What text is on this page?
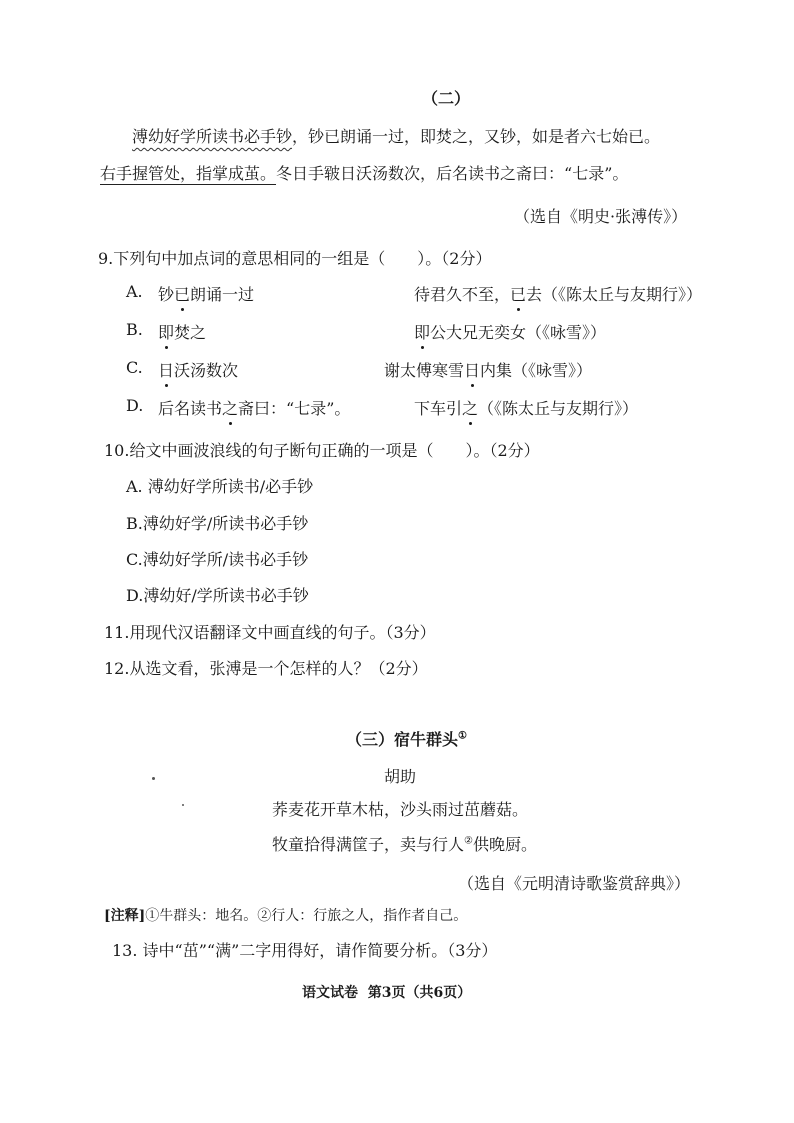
（二）
溥幼好学所读书必手钞，钞已朗诵一过，即焚之，又钞，如是者六七始已。
右手握管处，指掌成茧。冬日手皲日沃汤数次，后名读书之斋曰：“七录”。
（选自《明史·张溥传》）
9.下列句中加点词的意思相同的一组是（　　）。（2分）
A. 钞已朗诵一过	待君久不至，已去（《陈太丘与友期行》）
B. 即焚之	即公大兄无奕女（《咏雪》）
C. 日沃汤数次	谢太傅寒雪日内集（《咏雪》）
D. 后名读书之斋曰：“七录”。	下车引之（《陈太丘与友期行》）
10.给文中画波浪线的句子断句正确的一项是（　　）。（2分）
A. 溥幼好学所读书/必手钞
B.溥幼好学/所读书必手钞
C.溥幼好学所/读书必手钞
D.溥幼好/学所读书必手钞
11.用现代汉语翻译文中画直线的句子。（3分）
12.从选文看，张溥是一个怎样的人？（2分）
（三）宿牛群头①
胡助
荞麦花开草木枯，沙头雨过茁蘑菇。
牧童拾得满筐子，卖与行人②供晚厨。
（选自《元明清诗歌鉴赏辞典》）
[注释]①牛群头：地名。②行人：行旅之人，指作者自己。
13. 诗中“茁”“满”二字用得好，请作简要分析。（3分）
语文试卷  第3页（共6页）
